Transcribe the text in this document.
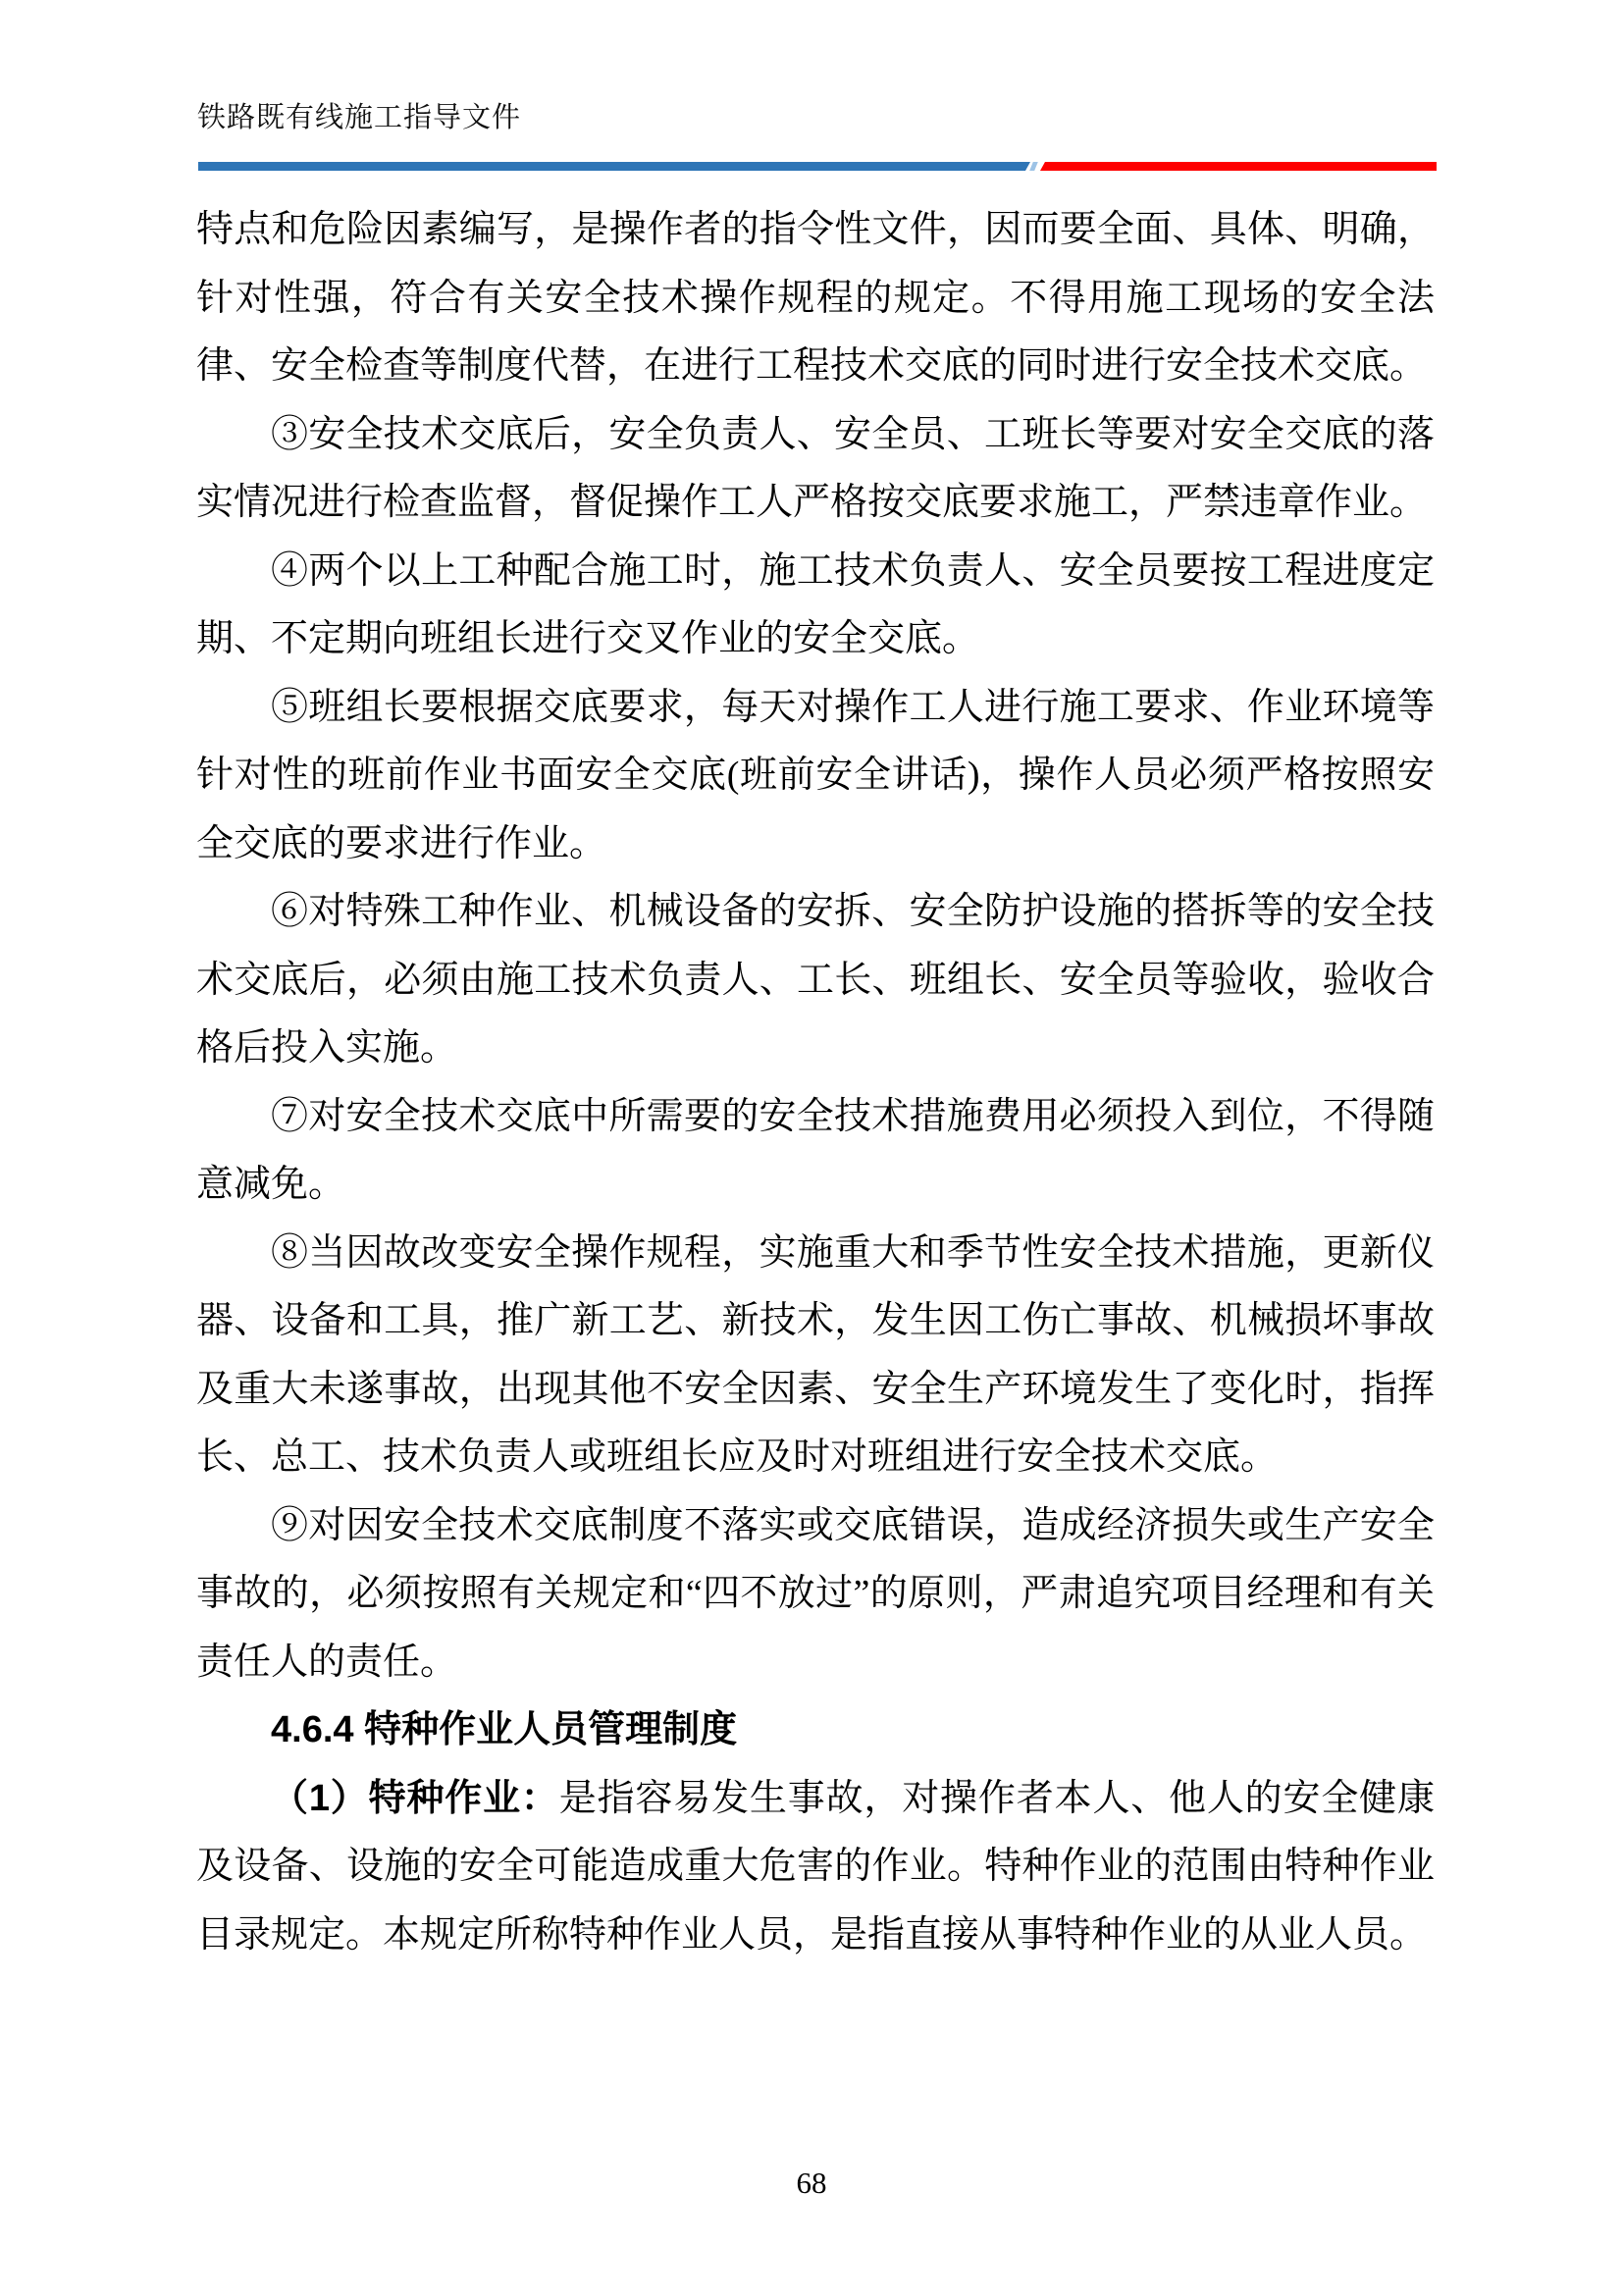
铁路既有线施工指导文件

特点和危险因素编写，是操作者的指令性文件，因而要全面、具体、明确，针对性强，符合有关安全技术操作规程的规定。不得用施工现场的安全法律、安全检查等制度代替，在进行工程技术交底的同时进行安全技术交底。

③安全技术交底后，安全负责人、安全员、工班长等要对安全交底的落实情况进行检查监督，督促操作工人严格按交底要求施工，严禁违章作业。

④两个以上工种配合施工时，施工技术负责人、安全员要按工程进度定期、不定期向班组长进行交叉作业的安全交底。

⑤班组长要根据交底要求，每天对操作工人进行施工要求、作业环境等针对性的班前作业书面安全交底(班前安全讲话)，操作人员必须严格按照安全交底的要求进行作业。

⑥对特殊工种作业、机械设备的安拆、安全防护设施的搭拆等的安全技术交底后，必须由施工技术负责人、工长、班组长、安全员等验收，验收合格后投入实施。

⑦对安全技术交底中所需要的安全技术措施费用必须投入到位，不得随意减免。

⑧当因故改变安全操作规程，实施重大和季节性安全技术措施，更新仪器、设备和工具，推广新工艺、新技术，发生因工伤亡事故、机械损坏事故及重大未遂事故，出现其他不安全因素、安全生产环境发生了变化时，指挥长、总工、技术负责人或班组长应及时对班组进行安全技术交底。

⑨对因安全技术交底制度不落实或交底错误，造成经济损失或生产安全事故的，必须按照有关规定和“四不放过”的原则，严肃追究项目经理和有关责任人的责任。

4.6.4 特种作业人员管理制度

（1）特种作业：是指容易发生事故，对操作者本人、他人的安全健康及设备、设施的安全可能造成重大危害的作业。特种作业的范围由特种作业目录规定。本规定所称特种作业人员，是指直接从事特种作业的从业人员。

68
